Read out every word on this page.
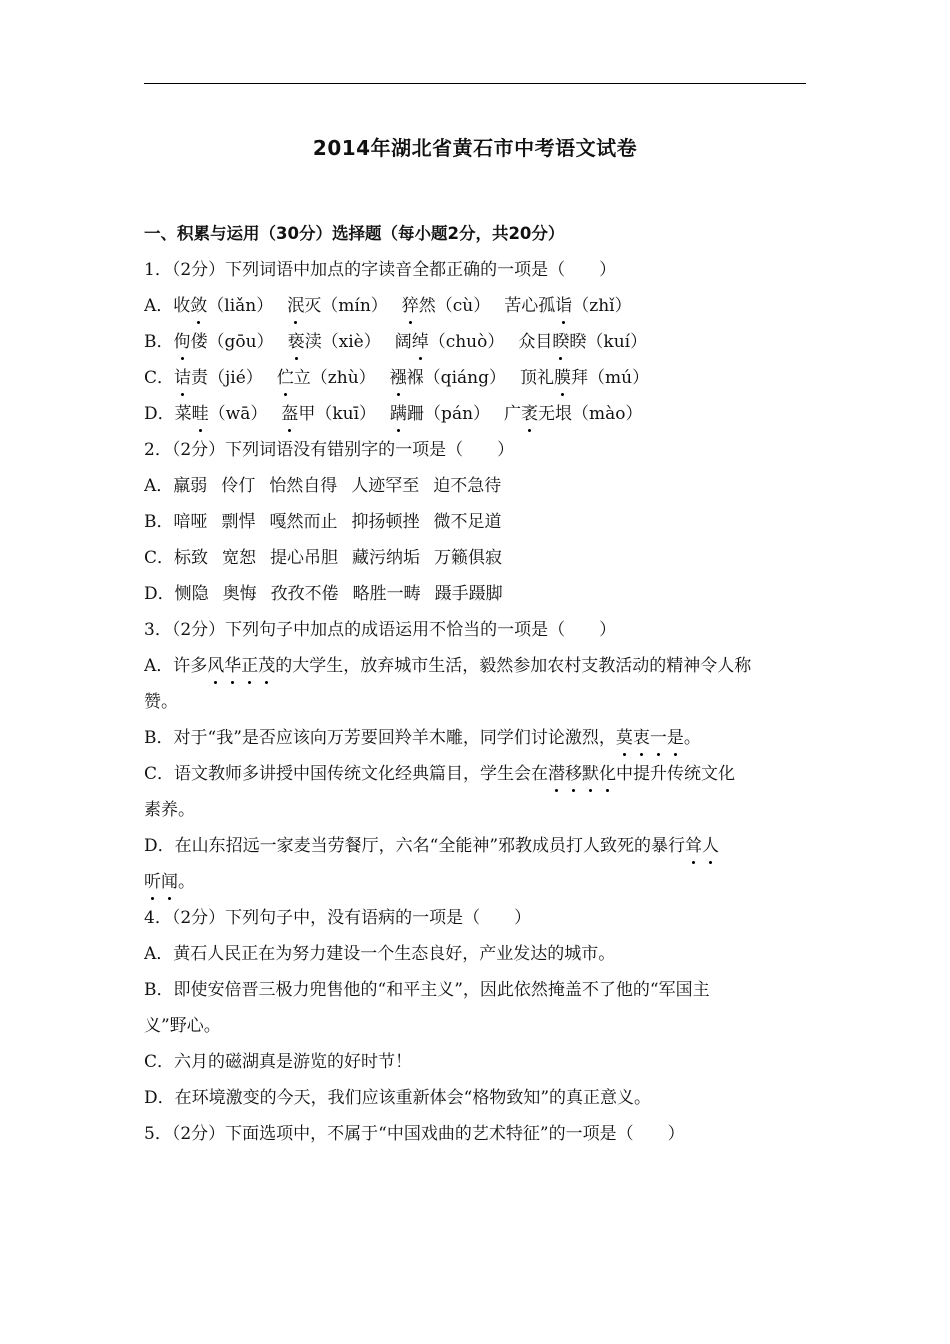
2014年湖北省黄石市中考语文试卷
一、积累与运用（30分）选择题（每小题2分，共20分）
1．（2分）下列词语中加点的字读音全都正确的一项是（　　 ）
A．收敛（liǎn） 泯灭（mín） 猝然（cù） 苦心孤诣（zhǐ）
B．佝偻（gōu） 亵渎（xiè） 阔绰（chuò） 众目睽睽（kuí）
C．诘责（jié） 伫立（zhù） 襁褓（qiáng） 顶礼膜拜（mú）
D．菜畦（wā） 盔甲（kuī） 蹒跚（pán） 广袤无垠（mào）
2．（2分）下列词语没有错别字的一项是（　　 ）
A．羸弱 伶仃 怡然自得 人迹罕至 迫不急待
B．喑哑 剽悍 嘎然而止 抑扬顿挫 微不足道
C．标致 宽恕 提心吊胆 藏污纳垢 万籁俱寂
D．恻隐 奥悔 孜孜不倦 略胜一畴 蹑手蹑脚
3．（2分）下列句子中加点的成语运用不恰当的一项是（　　 ）
A．许多风华正茂的大学生，放弃城市生活，毅然参加农村支教活动的精神令人称
赞。
B．对于“我”是否应该向万芳要回羚羊木雕，同学们讨论激烈，莫衷一是。
C．语文教师多讲授中国传统文化经典篇目，学生会在潜移默化中提升传统文化
素养。
D．在山东招远一家麦当劳餐厅，六名“全能神”邪教成员打人致死的暴行耸人
听闻。
4．（2分）下列句子中，没有语病的一项是（　　 ）
A．黄石人民正在为努力建设一个生态良好，产业发达的城市。
B．即使安倍晋三极力兜售他的“和平主义”，因此依然掩盖不了他的“军国主
义”野心。
C．六月的磁湖真是游览的好时节！
D．在环境激变的今天，我们应该重新体会“格物致知”的真正意义。
5．（2分）下面选项中，不属于“中国戏曲的艺术特征”的一项是（　　 ）
